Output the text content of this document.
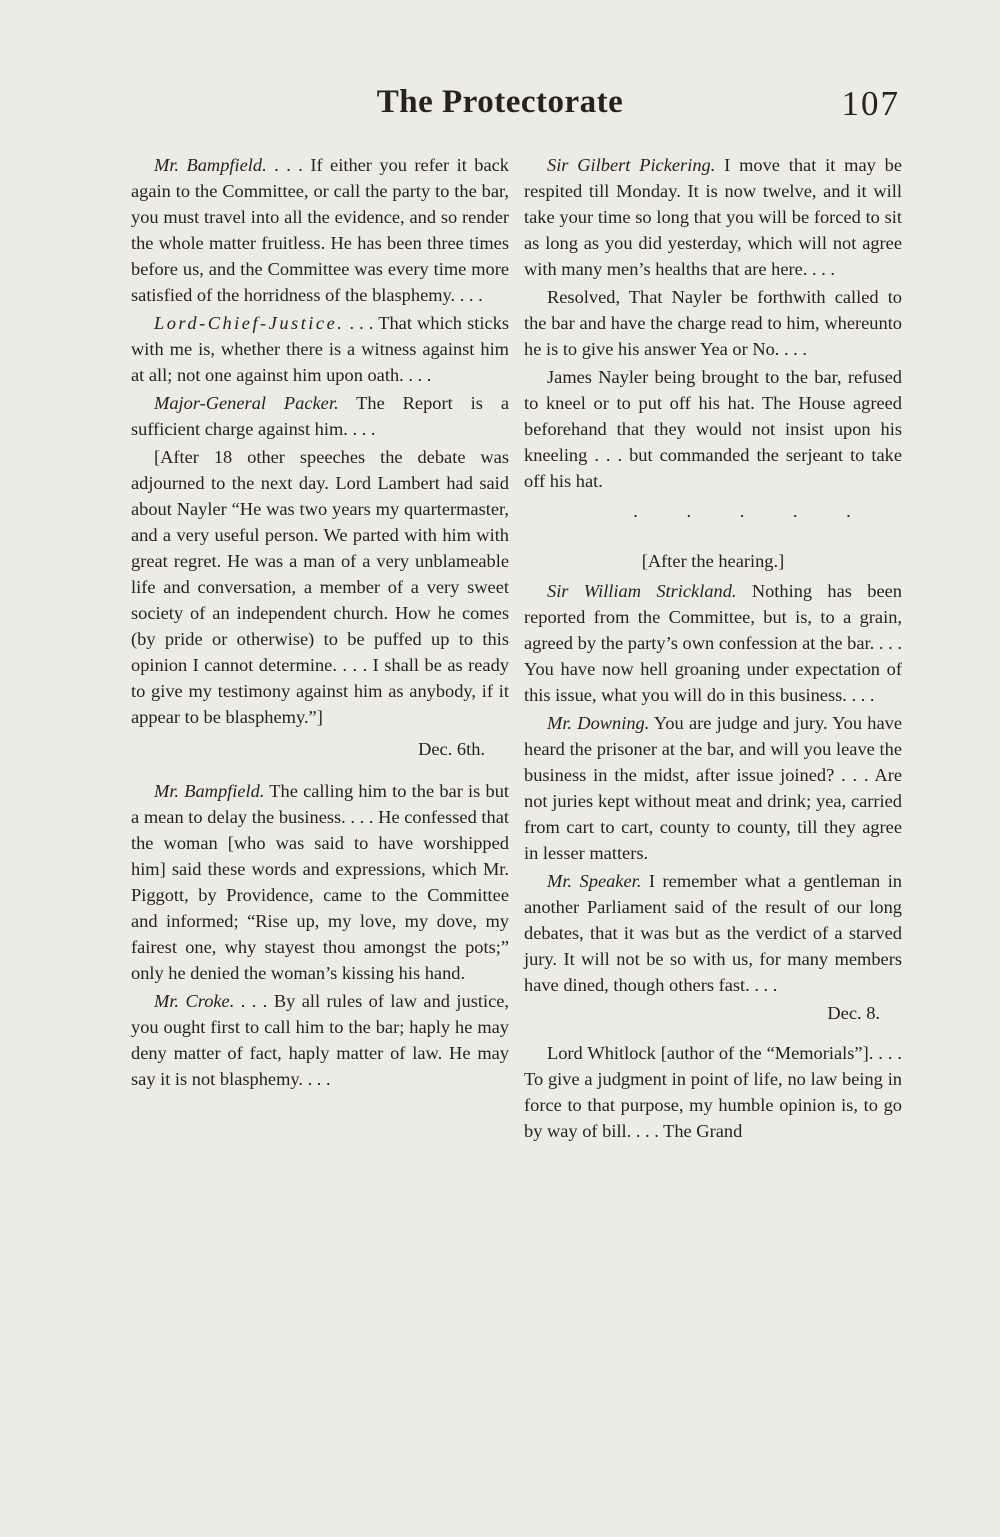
The Protectorate	107

Mr. Bampfield. . . . If either you refer it back again to the Committee, or call the party to the bar, you must travel into all the evidence, and so render the whole matter fruitless. He has been three times before us, and the Committee was every time more satisfied of the horridness of the blasphemy. . . .

Lord-Chief-Justice. . . . That which sticks with me is, whether there is a witness against him at all; not one against him upon oath. . . .

Major-General Packer. The Report is a sufficient charge against him. . . .

[After 18 other speeches the debate was adjourned to the next day. Lord Lambert had said about Nayler “He was two years my quartermaster, and a very useful person. We parted with him with great regret. He was a man of a very unblameable life and conversation, a member of a very sweet society of an independent church. How he comes (by pride or otherwise) to be puffed up to this opinion I cannot determine. . . . I shall be as ready to give my testimony against him as anybody, if it appear to be blasphemy.”]

Dec. 6th.

Mr. Bampfield. The calling him to the bar is but a mean to delay the business. . . . He confessed that the woman [who was said to have worshipped him] said these words and expressions, which Mr. Piggott, by Providence, came to the Committee and informed; “Rise up, my love, my dove, my fairest one, why stayest thou amongst the pots;” only he denied the woman’s kissing his hand.

Mr. Croke. . . . By all rules of law and justice, you ought first to call him to the bar; haply he may deny matter of fact, haply matter of law. He may say it is not blasphemy. . . .

Sir Gilbert Pickering. I move that it may be respited till Monday. It is now twelve, and it will take your time so long that you will be forced to sit as long as you did yesterday, which will not agree with many men’s healths that are here. . . .

Resolved, That Nayler be forthwith called to the bar and have the charge read to him, whereunto he is to give his answer Yea or No. . . .

James Nayler being brought to the bar, refused to kneel or to put off his hat. The House agreed beforehand that they would not insist upon his kneeling . . . but commanded the serjeant to take off his hat.

. . . . .
[After the hearing.]

Sir William Strickland. Nothing has been reported from the Committee, but is, to a grain, agreed by the party’s own confession at the bar. . . . You have now hell groaning under expectation of this issue, what you will do in this business. . . .

Mr. Downing. You are judge and jury. You have heard the prisoner at the bar, and will you leave the business in the midst, after issue joined? . . . Are not juries kept without meat and drink; yea, carried from cart to cart, county to county, till they agree in lesser matters.

Mr. Speaker. I remember what a gentleman in another Parliament said of the result of our long debates, that it was but as the verdict of a starved jury. It will not be so with us, for many members have dined, though others fast. . . .

Dec. 8.

Lord Whitlock [author of the “Memorials”]. . . . To give a judgment in point of life, no law being in force to that purpose, my humble opinion is, to go by way of bill. . . . The Grand
